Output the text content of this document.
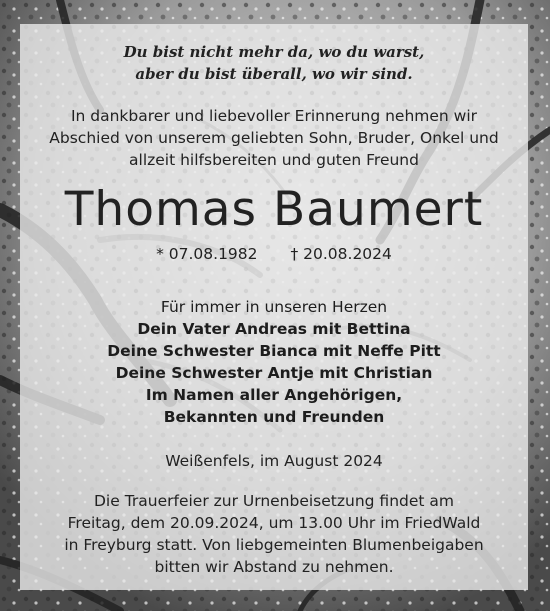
Du bist nicht mehr da, wo du warst,
aber du bist überall, wo wir sind.
In dankbarer und liebevoller Erinnerung nehmen wir
Abschied von unserem geliebten Sohn, Bruder, Onkel und
allzeit hilfsbereiten und guten Freund
Thomas Baumert
* 07.08.1982 † 20.08.2024
Für immer in unseren Herzen
Dein Vater Andreas mit Bettina
Deine Schwester Bianca mit Neffe Pitt
Deine Schwester Antje mit Christian
Im Namen aller Angehörigen,
Bekannten und Freunden
Weißenfels, im August 2024
Die Trauerfeier zur Urnenbeisetzung findet am
Freitag, dem 20.09.2024, um 13.00 Uhr im FriedWald
in Freyburg statt. Von liebgemeinten Blumenbeigaben
bitten wir Abstand zu nehmen.
